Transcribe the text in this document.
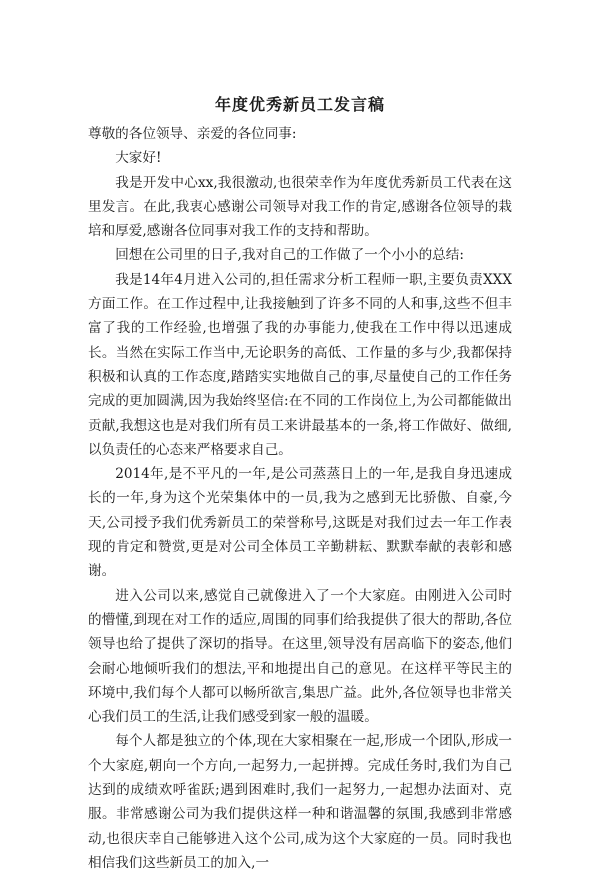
年度优秀新员工发言稿

尊敬的各位领导、亲爱的各位同事:

大家好!

我是开发中心xx,我很激动,也很荣幸作为年度优秀新员工代表在这里发言。在此,我衷心感谢公司领导对我工作的肯定,感谢各位领导的栽培和厚爱,感谢各位同事对我工作的支持和帮助。

回想在公司里的日子,我对自己的工作做了一个小小的总结:

我是14年4月进入公司的,担任需求分析工程师一职,主要负责XXX方面工作。在工作过程中,让我接触到了许多不同的人和事,这些不但丰富了我的工作经验,也增强了我的办事能力,使我在工作中得以迅速成长。当然在实际工作当中,无论职务的高低、工作量的多与少,我都保持积极和认真的工作态度,踏踏实实地做自己的事,尽量使自己的工作任务完成的更加圆满,因为我始终坚信:在不同的工作岗位上,为公司都能做出贡献,我想这也是对我们所有员工来讲最基本的一条,将工作做好、做细,以负责任的心态来严格要求自己。

2014年,是不平凡的一年,是公司蒸蒸日上的一年,是我自身迅速成长的一年,身为这个光荣集体中的一员,我为之感到无比骄傲、自豪,今天,公司授予我们优秀新员工的荣誉称号,这既是对我们过去一年工作表现的肯定和赞赏,更是对公司全体员工辛勤耕耘、默默奉献的表彰和感谢。

进入公司以来,感觉自己就像进入了一个大家庭。由刚进入公司时的懵懂,到现在对工作的适应,周围的同事们给我提供了很大的帮助,各位领导也给了提供了深切的指导。在这里,领导没有居高临下的姿态,他们会耐心地倾听我们的想法,平和地提出自己的意见。在这样平等民主的环境中,我们每个人都可以畅所欲言,集思广益。此外,各位领导也非常关心我们员工的生活,让我们感受到家一般的温暖。

每个人都是独立的个体,现在大家相聚在一起,形成一个团队,形成一个大家庭,朝向一个方向,一起努力,一起拼搏。完成任务时,我们为自己达到的成绩欢呼雀跃;遇到困难时,我们一起努力,一起想办法面对、克服。非常感谢公司为我们提供这样一种和谐温馨的氛围,我感到非常感动,也很庆幸自己能够进入这个公司,成为这个大家庭的一员。同时我也相信我们这些新员工的加入,一
